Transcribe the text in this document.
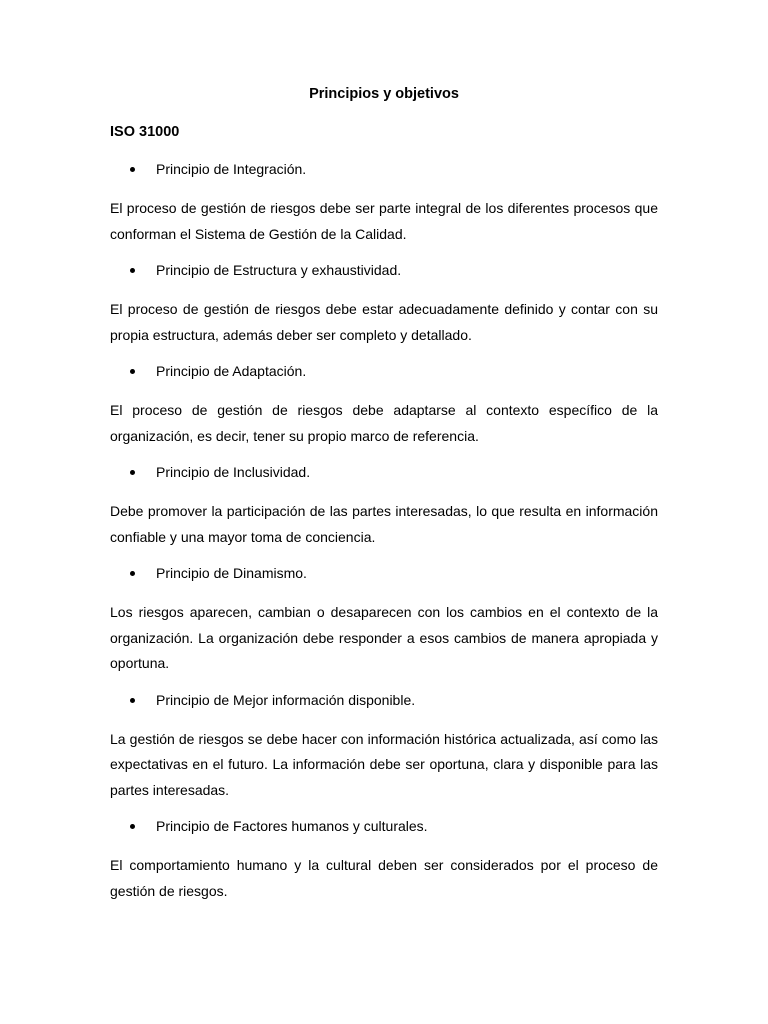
Principios y objetivos
ISO 31000
Principio de Integración.
El proceso de gestión de riesgos debe ser parte integral de los diferentes procesos que conforman el Sistema de Gestión de la Calidad.
Principio de Estructura y exhaustividad.
El proceso de gestión de riesgos debe estar adecuadamente definido y contar con su propia estructura, además deber ser completo y detallado.
Principio de Adaptación.
El proceso de gestión de riesgos debe adaptarse al contexto específico de la organización, es decir, tener su propio marco de referencia.
Principio de Inclusividad.
Debe promover la participación de las partes interesadas, lo que resulta en información confiable y una mayor toma de conciencia.
Principio de Dinamismo.
Los riesgos aparecen, cambian o desaparecen con los cambios en el contexto de la organización. La organización debe responder a esos cambios de manera apropiada y oportuna.
Principio de Mejor información disponible.
La gestión de riesgos se debe hacer con información histórica actualizada, así como las expectativas en el futuro. La información debe ser oportuna, clara y disponible para las partes interesadas.
Principio de Factores humanos y culturales.
El comportamiento humano y la cultural deben ser considerados por el proceso de gestión de riesgos.
